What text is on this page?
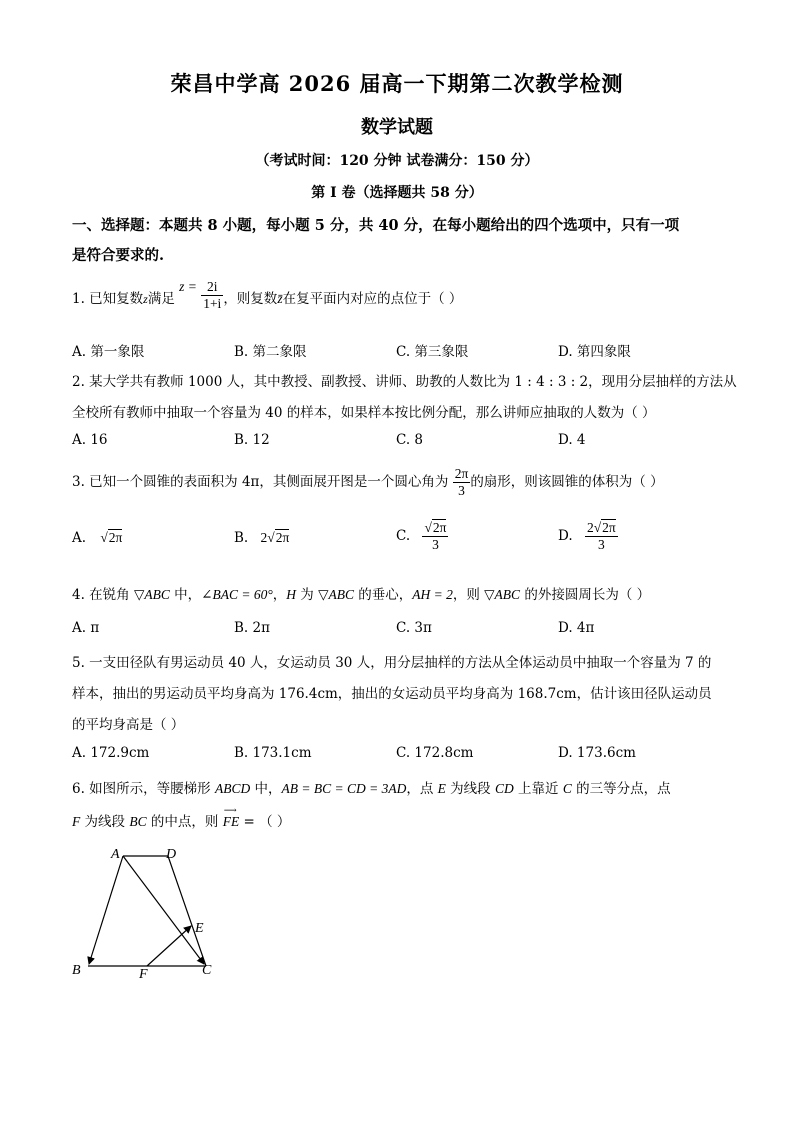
荣昌中学高 2026 届高一下期第二次教学检测
数学试题
（考试时间：120 分钟 试卷满分：150 分）
第 I 卷（选择题共 58 分）
一、选择题：本题共 8 小题，每小题 5 分，共 40 分，在每小题给出的四个选项中，只有一项
是符合要求的.
1. 已知复数z满足 $z = \frac{2i}{1+i}$ ，则复数z̄在复平面内对应的点位于（ ）
A. 第一象限	B. 第二象限	C. 第三象限	D. 第四象限
2. 某大学共有教师 1000 人，其中教授、副教授、讲师、助教的人数比为 1 : 4 : 3 : 2，现用分层抽样的方法从
全校所有教师中抽取一个容量为 40 的样本，如果样本按比例分配，那么讲师应抽取的人数为（ ）
A. 16	B. 12	C. 8	D. 4
3. 已知一个圆锥的表面积为 4π，其侧面展开图是一个圆心角为 $\frac{2\pi}{3}$ 的扇形，则该圆锥的体积为（ ）
A. √2π	B. 2√2π	C. $\frac{√2\pi}{3}$	D. $\frac{2√2\pi}{3}$
4. 在锐角 ▽ABC 中，∠BAC = 60°，H 为 ▽ABC 的垂心，AH = 2，则 ▽ABC 的外接圆周长为（ ）
A. π	B. 2π	C. 3π	D. 4π
5. 一支田径队有男运动员 40 人，女运动员 30 人，用分层抽样的方法从全体运动员中抽取一个容量为 7 的
样本，抽出的男运动员平均身高为 176.4cm，抽出的女运动员平均身高为 168.7cm，估计该田径队运动员
的平均身高是（ ）
A. 172.9cm	B. 173.1cm	C. 172.8cm	D. 173.6cm
6. 如图所示，等腰梯形 ABCD 中，AB = BC = CD = 3AD，点 E 为线段 CD 上靠近 C 的三等分点，点
F 为线段 BC 的中点，则
⟶
FE = （ ）
A	D
E
B	F	C
